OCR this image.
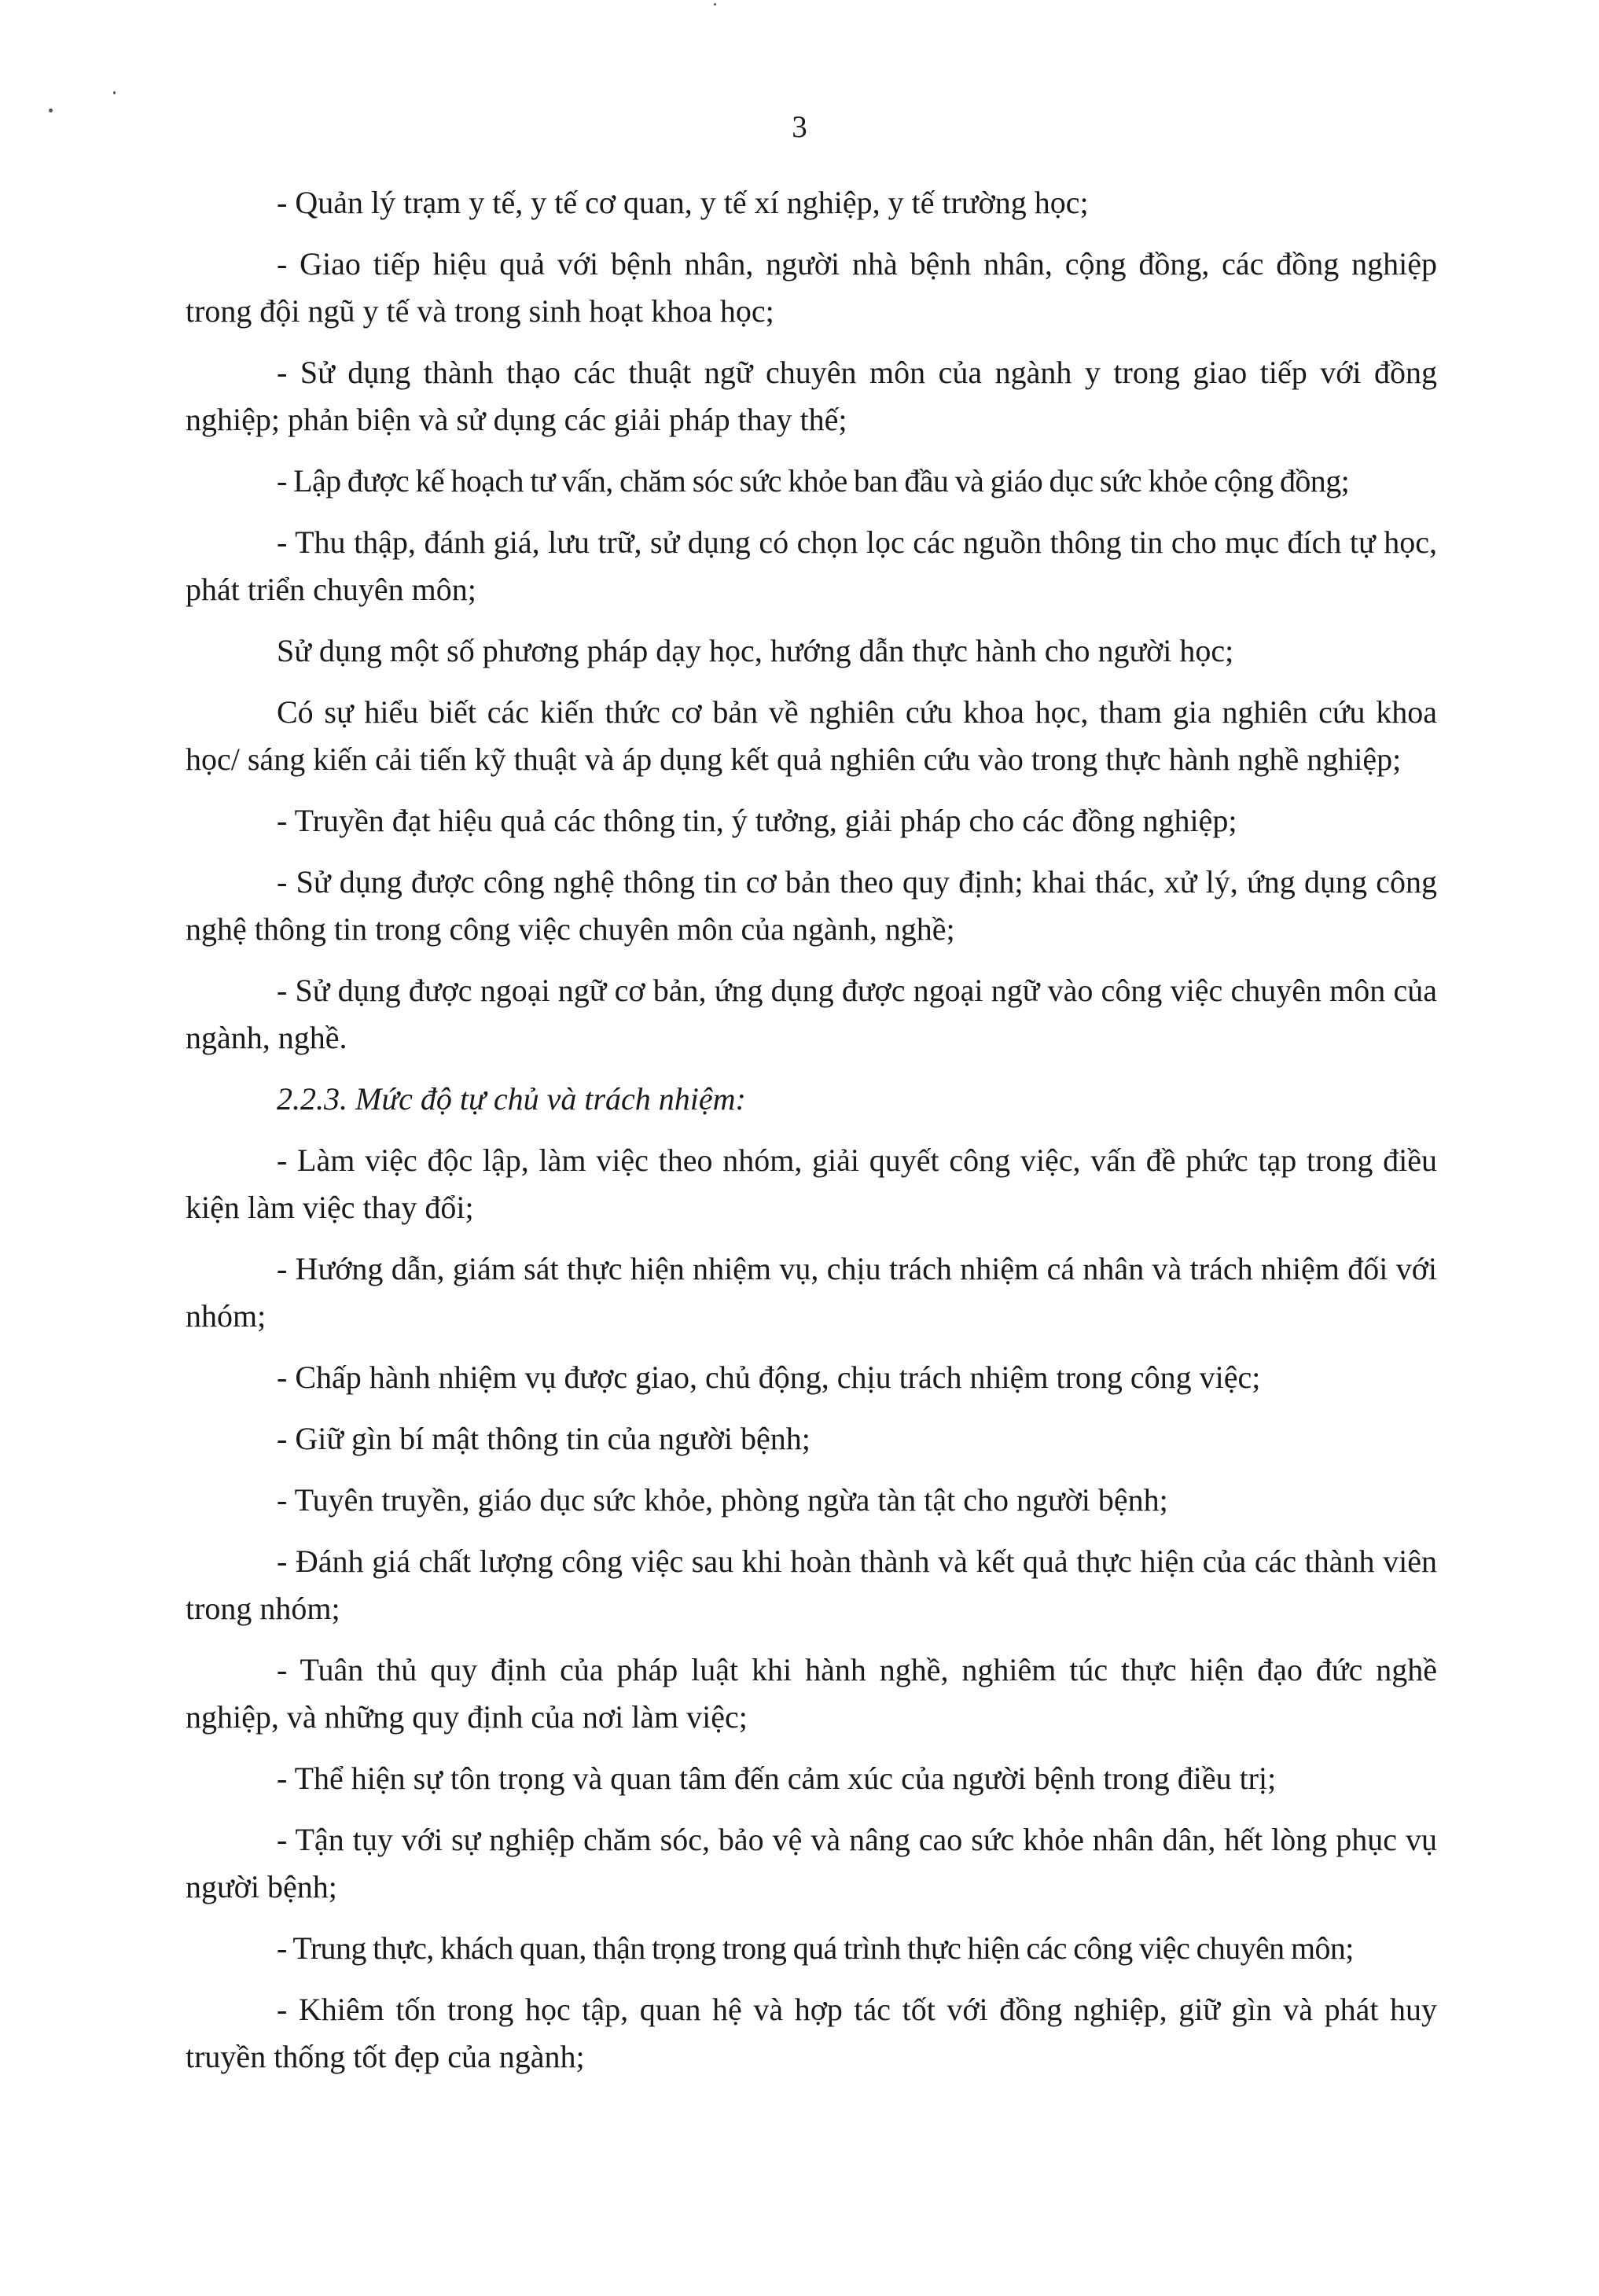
3

- Quản lý trạm y tế, y tế cơ quan, y tế xí nghiệp, y tế trường học;

- Giao tiếp hiệu quả với bệnh nhân, người nhà bệnh nhân, cộng đồng, các đồng nghiệp trong đội ngũ y tế và trong sinh hoạt khoa học;

- Sử dụng thành thạo các thuật ngữ chuyên môn của ngành y trong giao tiếp với đồng nghiệp; phản biện và sử dụng các giải pháp thay thế;

- Lập được kế hoạch tư vấn, chăm sóc sức khỏe ban đầu và giáo dục sức khỏe cộng đồng;

- Thu thập, đánh giá, lưu trữ, sử dụng có chọn lọc các nguồn thông tin cho mục đích tự học, phát triển chuyên môn;

Sử dụng một số phương pháp dạy học, hướng dẫn thực hành cho người học;

Có sự hiểu biết các kiến thức cơ bản về nghiên cứu khoa học, tham gia nghiên cứu khoa học/ sáng kiến cải tiến kỹ thuật và áp dụng kết quả nghiên cứu vào trong thực hành nghề nghiệp;

- Truyền đạt hiệu quả các thông tin, ý tưởng, giải pháp cho các đồng nghiệp;

- Sử dụng được công nghệ thông tin cơ bản theo quy định; khai thác, xử lý, ứng dụng công nghệ thông tin trong công việc chuyên môn của ngành, nghề;

- Sử dụng được ngoại ngữ cơ bản, ứng dụng được ngoại ngữ vào công việc chuyên môn của ngành, nghề.

2.2.3. Mức độ tự chủ và trách nhiệm:

- Làm việc độc lập, làm việc theo nhóm, giải quyết công việc, vấn đề phức tạp trong điều kiện làm việc thay đổi;

- Hướng dẫn, giám sát thực hiện nhiệm vụ, chịu trách nhiệm cá nhân và trách nhiệm đối với nhóm;

- Chấp hành nhiệm vụ được giao, chủ động, chịu trách nhiệm trong công việc;

- Giữ gìn bí mật thông tin của người bệnh;

- Tuyên truyền, giáo dục sức khỏe, phòng ngừa tàn tật cho người bệnh;

- Đánh giá chất lượng công việc sau khi hoàn thành và kết quả thực hiện của các thành viên trong nhóm;

- Tuân thủ quy định của pháp luật khi hành nghề, nghiêm túc thực hiện đạo đức nghề nghiệp, và những quy định của nơi làm việc;

- Thể hiện sự tôn trọng và quan tâm đến cảm xúc của người bệnh trong điều trị;

- Tận tụy với sự nghiệp chăm sóc, bảo vệ và nâng cao sức khỏe nhân dân, hết lòng phục vụ người bệnh;

- Trung thực, khách quan, thận trọng trong quá trình thực hiện các công việc chuyên môn;

- Khiêm tốn trong học tập, quan hệ và hợp tác tốt với đồng nghiệp, giữ gìn và phát huy truyền thống tốt đẹp của ngành;
